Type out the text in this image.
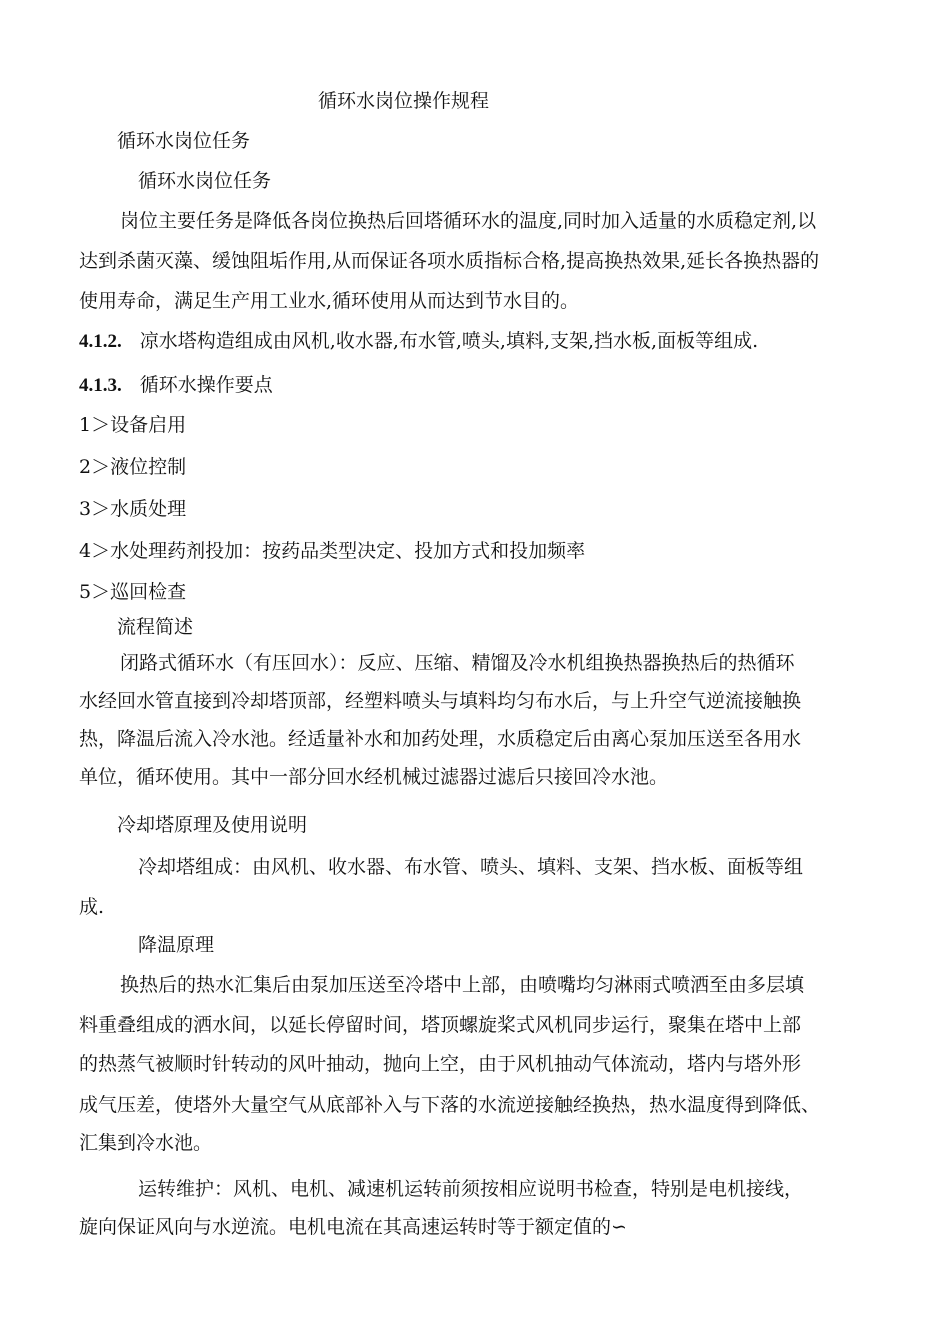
循环水岗位操作规程
循环水岗位任务
循环水岗位任务
岗位主要任务是降低各岗位换热后回塔循环水的温度,同时加入适量的水质稳定剂,以
达到杀菌灭藻、缓蚀阻垢作用,从而保证各项水质指标合格,提高换热效果,延长各换热器的
使用寿命，满足生产用工业水,循环使用从而达到节水目的。
4.1.2. 凉水塔构造组成由风机,收水器,布水管,喷头,填料,支架,挡水板,面板等组成.
4.1.3. 循环水操作要点
1＞设备启用
2＞液位控制
3＞水质处理
4＞水处理药剂投加：按药品类型决定、投加方式和投加频率
5＞巡回检查
流程简述
闭路式循环水（有压回水）：反应、压缩、精馏及冷水机组换热器换热后的热循环
水经回水管直接到冷却塔顶部，经塑料喷头与填料均匀布水后，与上升空气逆流接触换
热，降温后流入冷水池。经适量补水和加药处理，水质稳定后由离心泵加压送至各用水
单位，循环使用。其中一部分回水经机械过滤器过滤后只接回冷水池。
冷却塔原理及使用说明
冷却塔组成：由风机、收水器、布水管、喷头、填料、支架、挡水板、面板等组
成.
降温原理
换热后的热水汇集后由泵加压送至冷塔中上部，由喷嘴均匀淋雨式喷洒至由多层填
料重叠组成的洒水间，以延长停留时间，塔顶螺旋桨式风机同步运行，聚集在塔中上部
的热蒸气被顺时针转动的风叶抽动，抛向上空，由于风机抽动气体流动，塔内与塔外形
成气压差，使塔外大量空气从底部补入与下落的水流逆接触经换热，热水温度得到降低、
汇集到冷水池。
运转维护：风机、电机、减速机运转前须按相应说明书检查，特别是电机接线，
旋向保证风向与水逆流。电机电流在其高速运转时等于额定值的∽
